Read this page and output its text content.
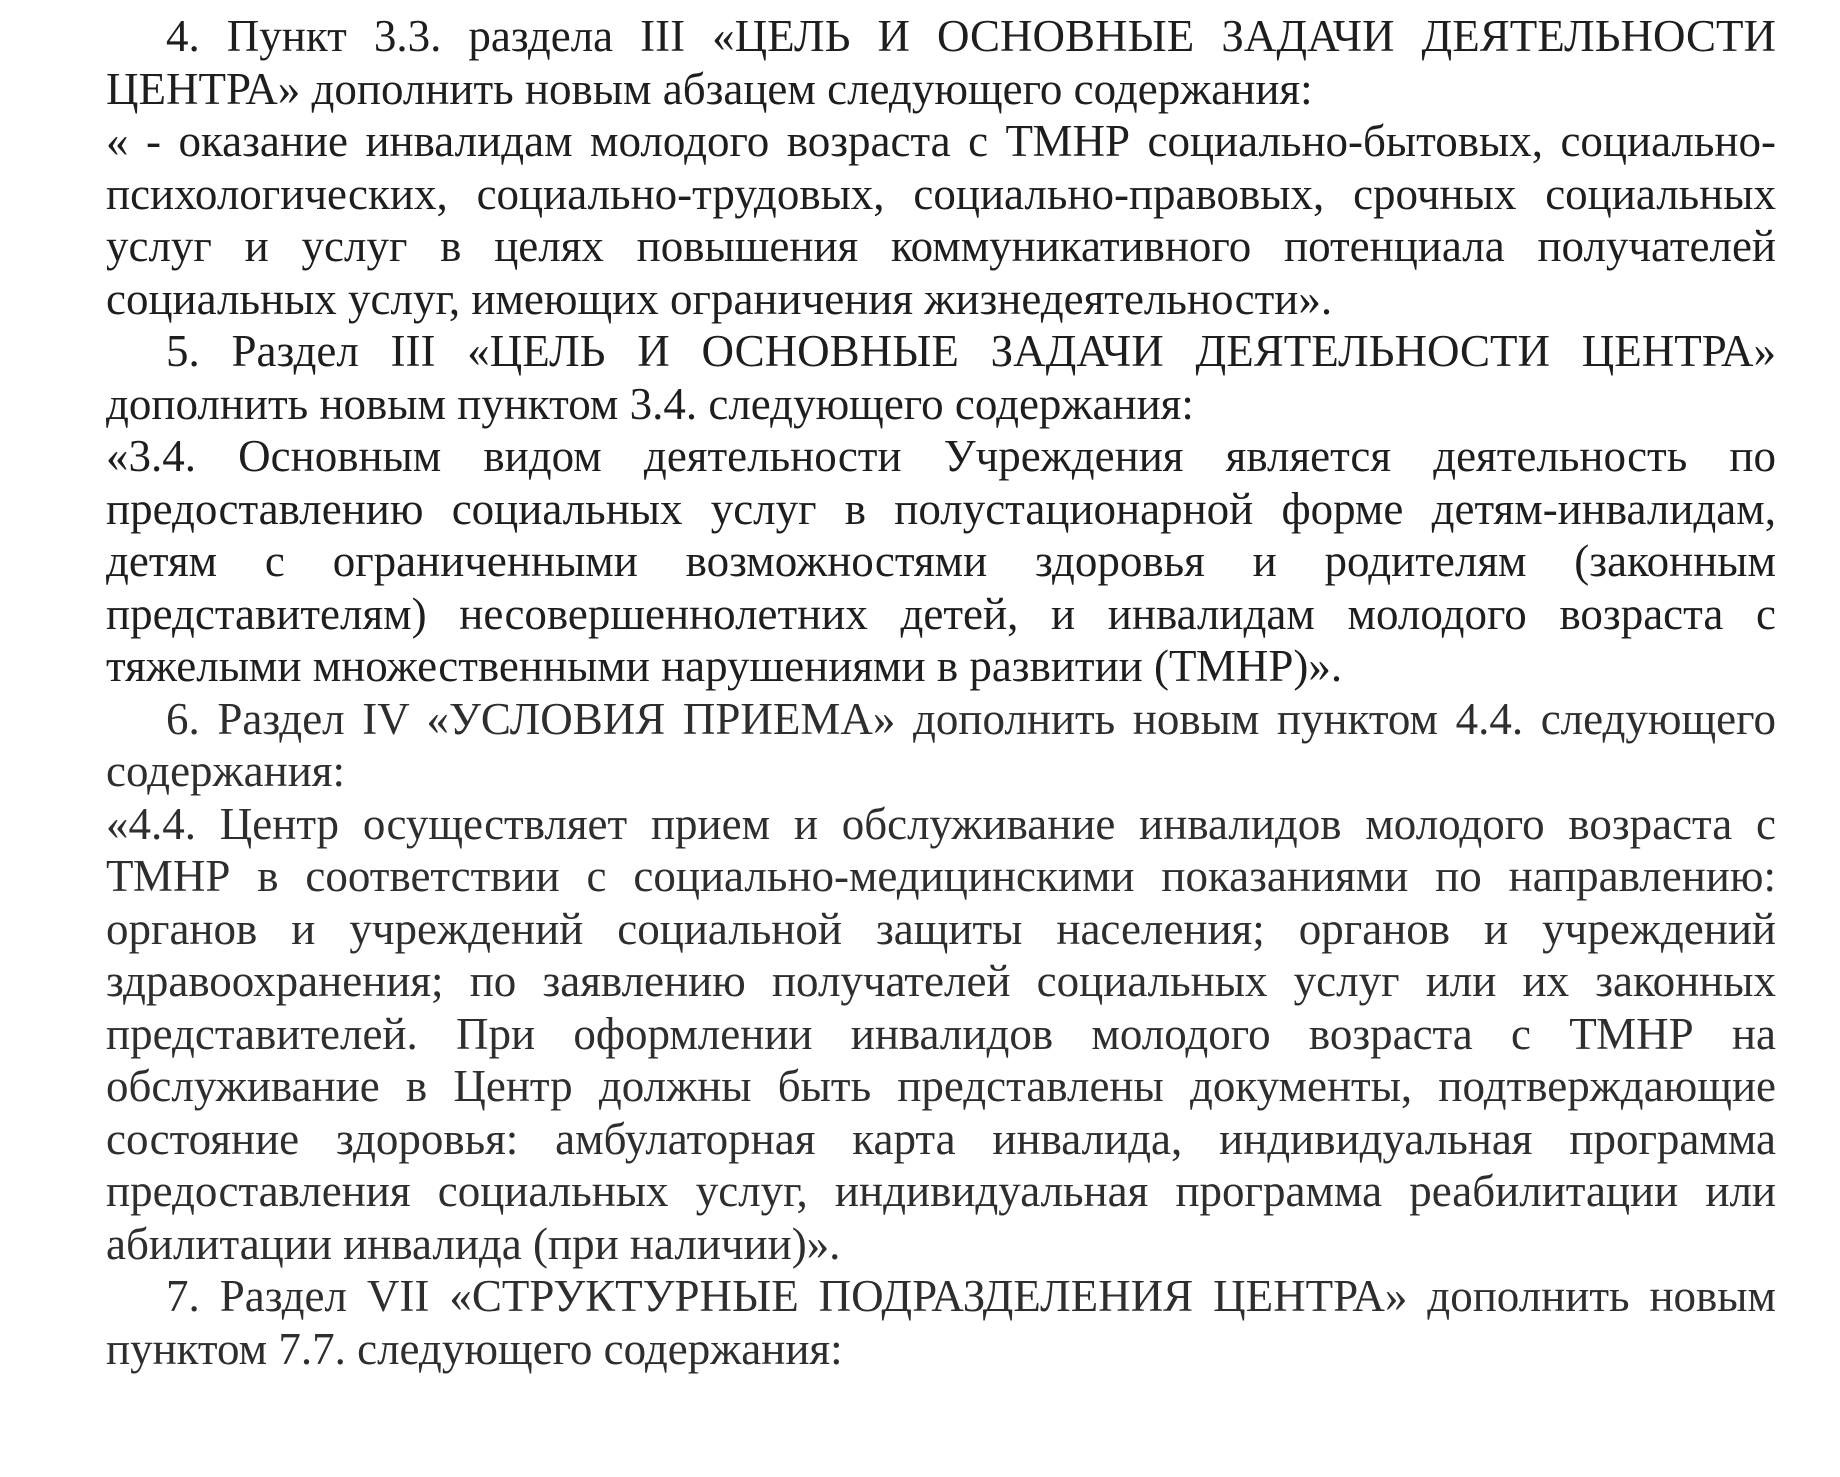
4. Пункт 3.3. раздела III «ЦЕЛЬ И ОСНОВНЫЕ ЗАДАЧИ ДЕЯТЕЛЬНОСТИ ЦЕНТРА» дополнить новым абзацем следующего содержания:

« - оказание инвалидам молодого возраста с ТМНР социально-бытовых, социально-психологических, социально-трудовых, социально-правовых, срочных социальных услуг и услуг в целях повышения коммуникативного потенциала получателей социальных услуг, имеющих ограничения жизнедеятельности».

5. Раздел III «ЦЕЛЬ И ОСНОВНЫЕ ЗАДАЧИ ДЕЯТЕЛЬНОСТИ ЦЕНТРА» дополнить новым пунктом 3.4. следующего содержания:

«3.4. Основным видом деятельности Учреждения является деятельность по предоставлению социальных услуг в полустационарной форме детям-инвалидам, детям с ограниченными возможностями здоровья и родителям (законным представителям) несовершеннолетних детей, и инвалидам молодого возраста с тяжелыми множественными нарушениями в развитии (ТМНР)».

6. Раздел IV «УСЛОВИЯ ПРИЕМА» дополнить новым пунктом 4.4. следующего содержания:

«4.4. Центр осуществляет прием и обслуживание инвалидов молодого возраста с ТМНР в соответствии с социально-медицинскими показаниями по направлению: органов и учреждений социальной защиты населения; органов и учреждений здравоохранения; по заявлению получателей социальных услуг или их законных представителей. При оформлении инвалидов молодого возраста с ТМНР на обслуживание в Центр должны быть представлены документы, подтверждающие состояние здоровья: амбулаторная карта инвалида, индивидуальная программа предоставления социальных услуг, индивидуальная программа реабилитации или абилитации инвалида (при наличии)».

7. Раздел VII «СТРУКТУРНЫЕ ПОДРАЗДЕЛЕНИЯ ЦЕНТРА» дополнить новым пунктом 7.7. следующего содержания:
